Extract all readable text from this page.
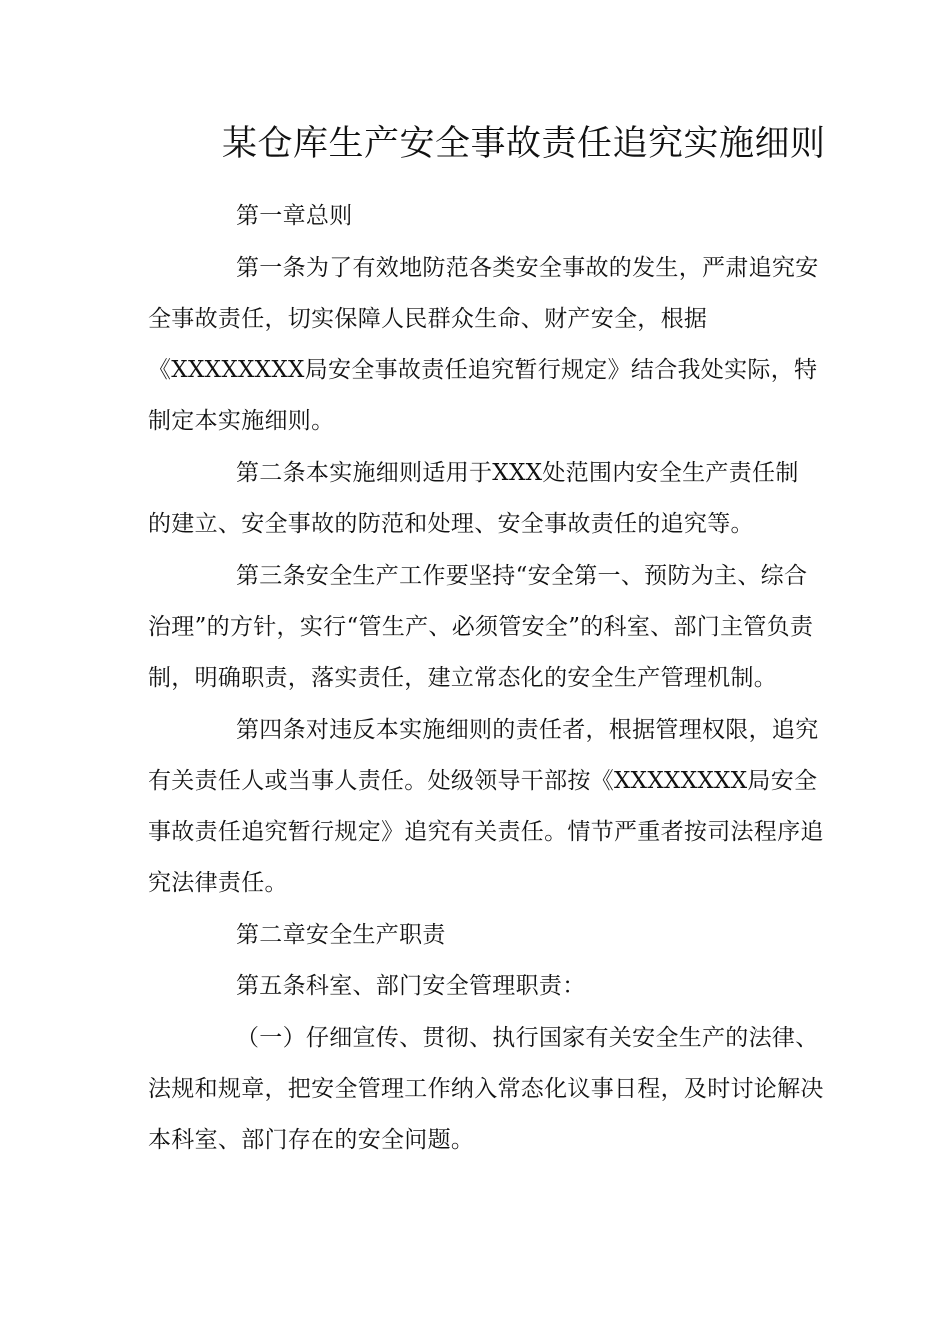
某仓库生产安全事故责任追究实施细则
第一章总则
第一条为了有效地防范各类安全事故的发生，严肃追究安
全事故责任，切实保障人民群众生命、财产安全，根据
《XXXXXXXX局安全事故责任追究暂行规定》结合我处实际，特
制定本实施细则。
第二条本实施细则适用于XXX处范围内安全生产责任制
的建立、安全事故的防范和处理、安全事故责任的追究等。
第三条安全生产工作要坚持“安全第一、预防为主、综合
治理”的方针，实行“管生产、必须管安全”的科室、部门主管负责
制，明确职责，落实责任，建立常态化的安全生产管理机制。
第四条对违反本实施细则的责任者，根据管理权限，追究
有关责任人或当事人责任。处级领导干部按《XXXXXXXX局安全
事故责任追究暂行规定》追究有关责任。情节严重者按司法程序追
究法律责任。
第二章安全生产职责
第五条科室、部门安全管理职责：
（一）仔细宣传、贯彻、执行国家有关安全生产的法律、
法规和规章，把安全管理工作纳入常态化议事日程，及时讨论解决
本科室、部门存在的安全问题。
